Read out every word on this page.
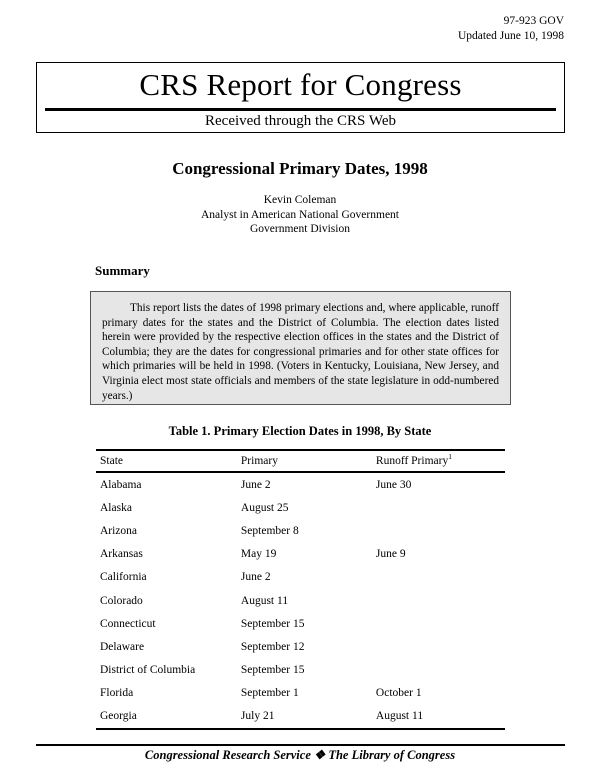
97-923 GOV
Updated June 10, 1998
CRS Report for Congress
Received through the CRS Web
Congressional Primary Dates, 1998
Kevin Coleman
Analyst in American National Government
Government Division
Summary

This report lists the dates of 1998 primary elections and, where applicable, runoff primary dates for the states and the District of Columbia. The election dates listed herein were provided by the respective election offices in the states and the District of Columbia; they are the dates for congressional primaries and for other state offices for which primaries will be held in 1998. (Voters in Kentucky, Louisiana, New Jersey, and Virginia elect most state officials and members of the state legislature in odd-numbered years.)

Table 1. Primary Election Dates in 1998, By State
State	Primary	Runoff Primary$^1$
Alabama	June 2	June 30
Alaska	August 25	
Arizona	September 8	
Arkansas	May 19	June 9
California	June 2	
Colorado	August 11	
Connecticut	September 15	
Delaware	September 12	
District of Columbia	September 15	
Florida	September 1	October 1
Georgia	July 21	August 11
Congressional Research Service ❖ The Library of Congress
